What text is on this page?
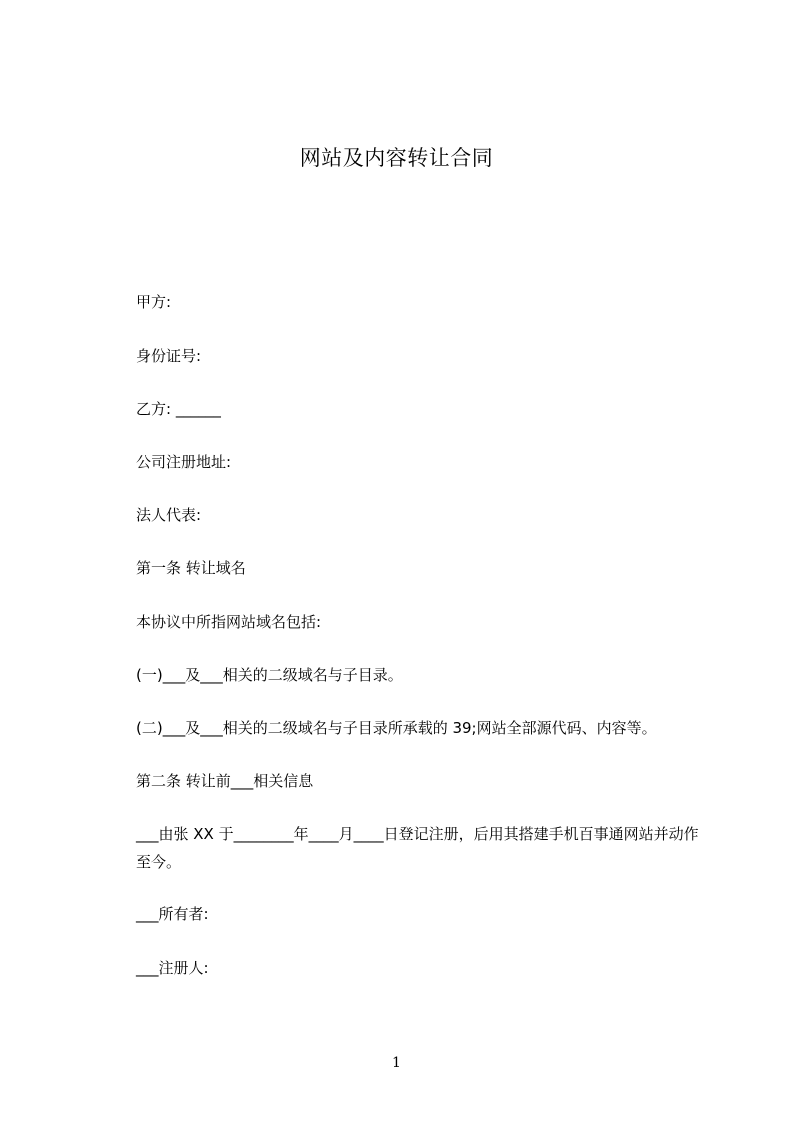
网站及内容转让合同
甲方:
身份证号:
乙方: ______
公司注册地址:
法人代表:
第一条 转让域名
本协议中所指网站域名包括:
(一)___及___相关的二级域名与子目录。
(二)___及___相关的二级域名与子目录所承载的 39;网站全部源代码、内容等。
第二条 转让前___相关信息
___由张 XX 于________年____月____日登记注册，后用其搭建手机百事通网站并动作至今。
___所有者:
___注册人:
1
